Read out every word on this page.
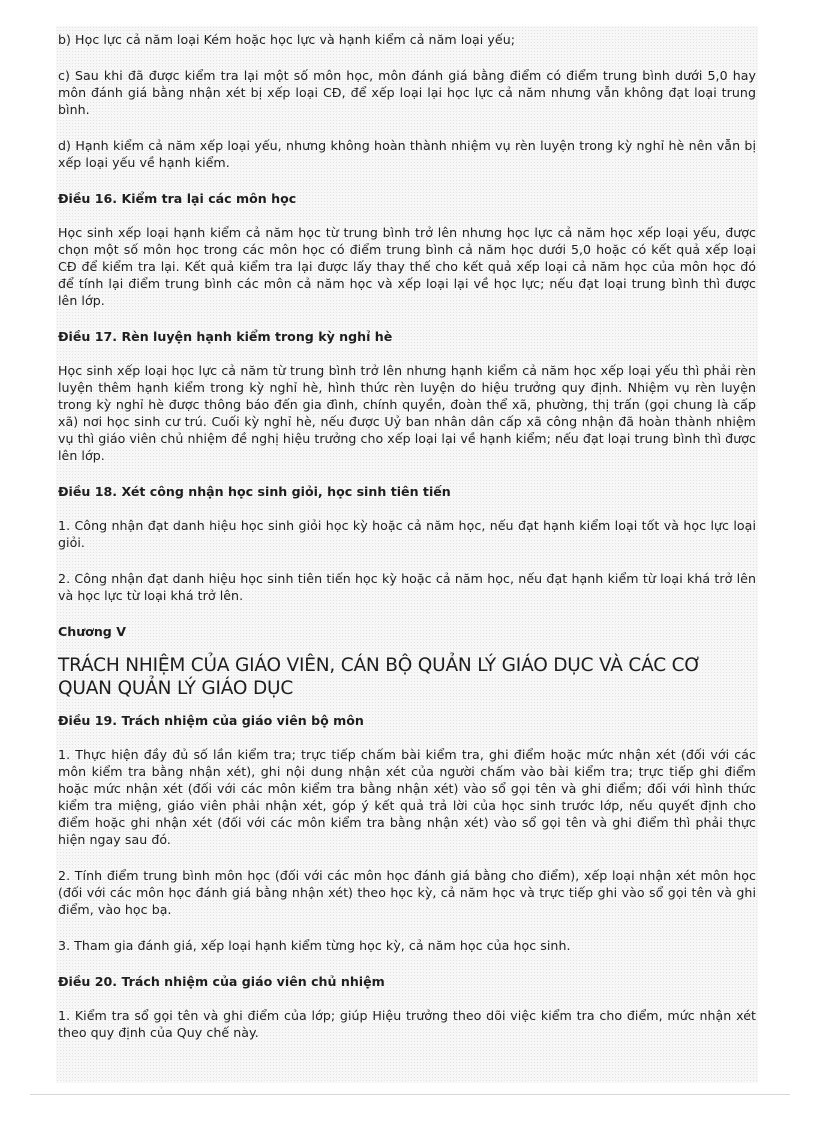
b) Học lực cả năm loại Kém hoặc học lực và hạnh kiểm cả năm loại yếu;

c) Sau khi đã được kiểm tra lại một số môn học, môn đánh giá bằng điểm có điểm trung bình dưới 5,0 hay môn đánh giá bằng nhận xét bị xếp loại CĐ, để xếp loại lại học lực cả năm nhưng vẫn không đạt loại trung bình.

d) Hạnh kiểm cả năm xếp loại yếu, nhưng không hoàn thành nhiệm vụ rèn luyện trong kỳ nghỉ hè nên vẫn bị xếp loại yếu về hạnh kiểm.

Điều 16. Kiểm tra lại các môn học

Học sinh xếp loại hạnh kiểm cả năm học từ trung bình trở lên nhưng học lực cả năm học xếp loại yếu, được chọn một số môn học trong các môn học có điểm trung bình cả năm học dưới 5,0 hoặc có kết quả xếp loại CĐ để kiểm tra lại. Kết quả kiểm tra lại được lấy thay thế cho kết quả xếp loại cả năm học của môn học đó để tính lại điểm trung bình các môn cả năm học và xếp loại lại về học lực; nếu đạt loại trung bình thì được lên lớp.

Điều 17. Rèn luyện hạnh kiểm trong kỳ nghỉ hè

Học sinh xếp loại học lực cả năm từ trung bình trở lên nhưng hạnh kiểm cả năm học xếp loại yếu thì phải rèn luyện thêm hạnh kiểm trong kỳ nghỉ hè, hình thức rèn luyện do hiệu trưởng quy định. Nhiệm vụ rèn luyện trong kỳ nghỉ hè được thông báo đến gia đình, chính quyền, đoàn thể xã, phường, thị trấn (gọi chung là cấp xã) nơi học sinh cư trú. Cuối kỳ nghỉ hè, nếu được Uỷ ban nhân dân cấp xã công nhận đã hoàn thành nhiệm vụ thì giáo viên chủ nhiệm đề nghị hiệu trưởng cho xếp loại lại về hạnh kiểm; nếu đạt loại trung bình thì được lên lớp.

Điều 18. Xét công nhận học sinh giỏi, học sinh tiên tiến

1. Công nhận đạt danh hiệu học sinh giỏi học kỳ hoặc cả năm học, nếu đạt hạnh kiểm loại tốt và học lực loại giỏi.

2. Công nhận đạt danh hiệu học sinh tiên tiến học kỳ hoặc cả năm học, nếu đạt hạnh kiểm từ loại khá trở lên và học lực từ loại khá trở lên.

Chương V
TRÁCH NHIỆM CỦA GIÁO VIÊN, CÁN BỘ QUẢN LÝ GIÁO DỤC VÀ CÁC CƠ QUAN QUẢN LÝ GIÁO DỤC
Điều 19. Trách nhiệm của giáo viên bộ môn

1. Thực hiện đầy đủ số lần kiểm tra; trực tiếp chấm bài kiểm tra, ghi điểm hoặc mức nhận xét (đối với các môn kiểm tra bằng nhận xét), ghi nội dung nhận xét của người chấm vào bài kiểm tra; trực tiếp ghi điểm hoặc mức nhận xét (đối với các môn kiểm tra bằng nhận xét) vào sổ gọi tên và ghi điểm; đối với hình thức kiểm tra miệng, giáo viên phải nhận xét, góp ý kết quả trả lời của học sinh trước lớp, nếu quyết định cho điểm hoặc ghi nhận xét (đối với các môn kiểm tra bằng nhận xét) vào sổ gọi tên và ghi điểm thì phải thực hiện ngay sau đó.

2. Tính điểm trung bình môn học (đối với các môn học đánh giá bằng cho điểm), xếp loại nhận xét môn học (đối với các môn học đánh giá bằng nhận xét) theo học kỳ, cả năm học và trực tiếp ghi vào sổ gọi tên và ghi điểm, vào học bạ.

3. Tham gia đánh giá, xếp loại hạnh kiểm từng học kỳ, cả năm học của học sinh.

Điều 20. Trách nhiệm của giáo viên chủ nhiệm

1. Kiểm tra sổ gọi tên và ghi điểm của lớp; giúp Hiệu trưởng theo dõi việc kiểm tra cho điểm, mức nhận xét theo quy định của Quy chế này.
